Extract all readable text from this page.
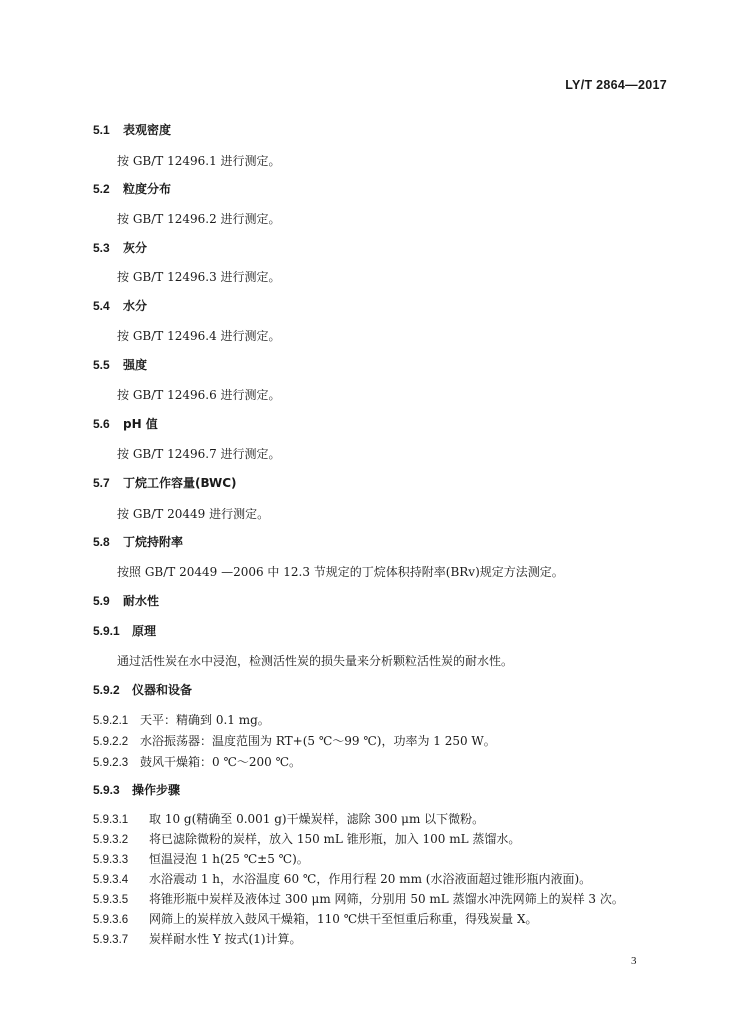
LY/T 2864—2017
5.1 表观密度
按 GB/T 12496.1 进行测定。
5.2 粒度分布
按 GB/T 12496.2 进行测定。
5.3 灰分
按 GB/T 12496.3 进行测定。
5.4 水分
按 GB/T 12496.4 进行测定。
5.5 强度
按 GB/T 12496.6 进行测定。
5.6 pH 值
按 GB/T 12496.7 进行测定。
5.7 丁烷工作容量(BWC)
按 GB/T 20449 进行测定。
5.8 丁烷持附率
按照 GB/T 20449 —2006 中 12.3 节规定的丁烷体积持附率(BRv)规定方法测定。
5.9 耐水性
5.9.1 原理
通过活性炭在水中浸泡，检测活性炭的损失量来分析颗粒活性炭的耐水性。
5.9.2 仪器和设备
5.9.2.1 天平：精确到 0.1 mg。
5.9.2.2 水浴振荡器：温度范围为 RT+(5 ℃～99 ℃)，功率为 1 250 W。
5.9.2.3 鼓风干燥箱：0 ℃～200 ℃。
5.9.3 操作步骤
5.9.3.1 取 10 g(精确至 0.001 g)干燥炭样，滤除 300 μm 以下微粉。
5.9.3.2 将已滤除微粉的炭样，放入 150 mL 锥形瓶，加入 100 mL 蒸馏水。
5.9.3.3 恒温浸泡 1 h(25 ℃±5 ℃)。
5.9.3.4 水浴震动 1 h，水浴温度 60 ℃，作用行程 20 mm (水浴液面超过锥形瓶内液面)。
5.9.3.5 将锥形瓶中炭样及液体过 300 μm 网筛，分别用 50 mL 蒸馏水冲洗网筛上的炭样 3 次。
5.9.3.6 网筛上的炭样放入鼓风干燥箱，110 ℃烘干至恒重后称重，得残炭量 X。
5.9.3.7 炭样耐水性 Y 按式(1)计算。
3
